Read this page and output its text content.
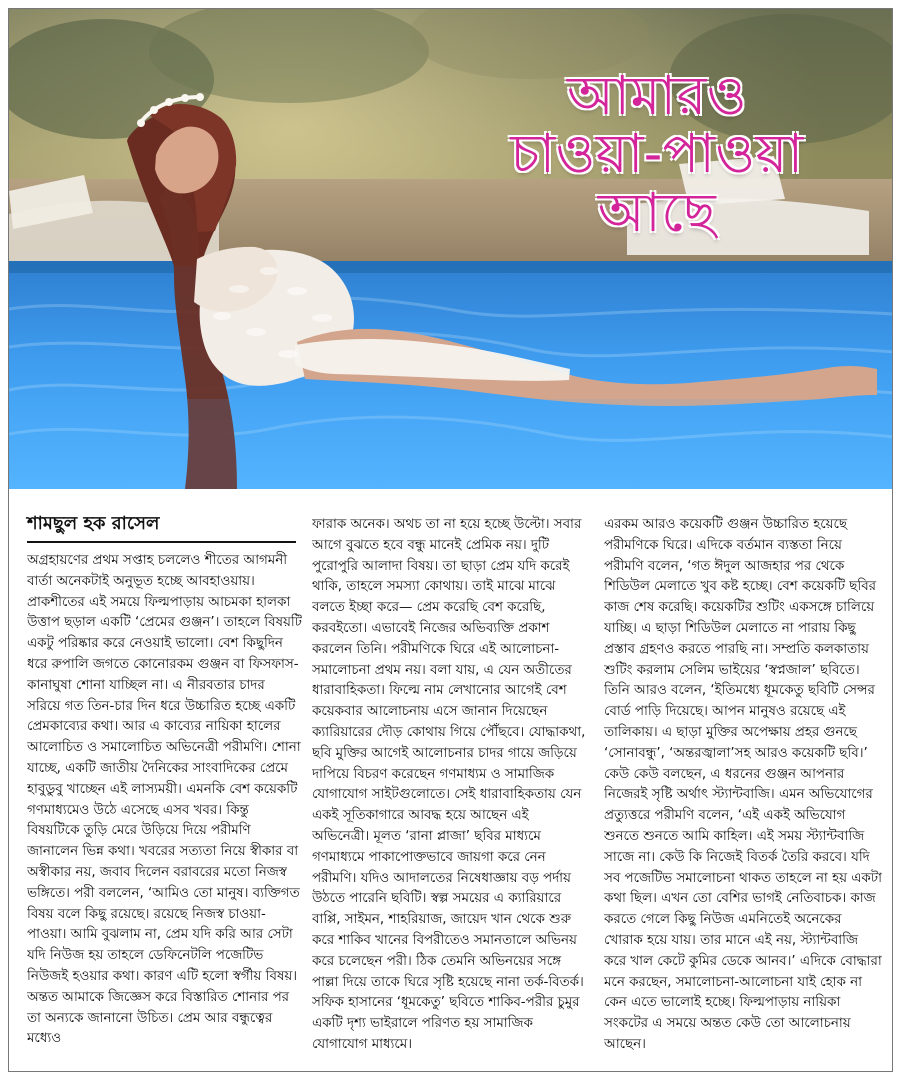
আমারও
চাওয়া-পাওয়া
আছে
শামছুল হক রাসেল

অগ্রহায়ণের প্রথম সপ্তাহ চললেও শীতের আগমনী বার্তা অনেকটাই অনুভূত হচ্ছে আবহাওয়ায়। প্রাকশীতের এই সময়ে ফিল্মপাড়ায় আচমকা হালকা উত্তাপ ছড়াল একটি ‘প্রেমের গুঞ্জন’। তাহলে বিষয়টি একটু পরিষ্কার করে নেওয়াই ভালো। বেশ কিছুদিন ধরে রুপালি জগতে কোনোরকম গুঞ্জন বা ফিসফাস-কানাঘুষা শোনা যাচ্ছিল না। এ নীরবতার চাদর সরিয়ে গত তিন-চার দিন ধরে উচ্চারিত হচ্ছে একটি প্রেমকাব্যের কথা। আর এ কাব্যের নায়িকা হালের আলোচিত ও সমালোচিত অভিনেত্রী পরীমণি। শোনা যাচ্ছে, একটি জাতীয় দৈনিকের সাংবাদিকের প্রেমে হাবুডুবু খাচ্ছেন এই লাস্যময়ী। এমনকি বেশ কয়েকটি গণমাধ্যমেও উঠে এসেছে এসব খবর। কিন্তু বিষয়টিকে তুড়ি মেরে উড়িয়ে দিয়ে পরীমণি জানালেন ভিন্ন কথা। খবরের সত্যতা নিয়ে স্বীকার বা অস্বীকার নয়, জবাব দিলেন বরাবরের মতো নিজস্ব ভঙ্গিতে। পরী বললেন, ‘আমিও তো মানুষ। ব্যক্তিগত বিষয় বলে কিছু রয়েছে। রয়েছে নিজস্ব চাওয়া-পাওয়া। আমি বুঝলাম না, প্রেম যদি করি আর সেটা যদি নিউজ হয় তাহলে ডেফিনেটলি পজেটিভ নিউজই হওয়ার কথা। কারণ এটি হলো স্বর্গীয় বিষয়। অন্তত আমাকে জিজ্ঞেস করে বিস্তারিত শোনার পর তা অন্যকে জানানো উচিত। প্রেম আর বন্ধুত্বের মধ্যেও

ফারাক অনেক। অথচ তা না হয়ে হচ্ছে উল্টো। সবার আগে বুঝতে হবে বন্ধু মানেই প্রেমিক নয়। দুটি পুরোপুরি আলাদা বিষয়। তা ছাড়া প্রেম যদি করেই থাকি, তাহলে সমস্যা কোথায়। তাই মাঝে মাঝে বলতে ইচ্ছা করে— প্রেম করেছি বেশ করেছি, করবইতো। এভাবেই নিজের অভিব্যক্তি প্রকাশ করলেন তিনি। পরীমণিকে ঘিরে এই আলোচনা-সমালোচনা প্রথম নয়। বলা যায়, এ যেন অতীতের ধারাবাহিকতা। ফিল্মে নাম লেখানোর আগেই বেশ কয়েকবার আলোচনায় এসে জানান দিয়েছেন ক্যারিয়ারের দৌড় কোথায় গিয়ে পৌঁছবে। যোদ্ধাকথা, ছবি মুক্তির আগেই আলোচনার চাদর গায়ে জড়িয়ে দাপিয়ে বিচরণ করেছেন গণমাধ্যম ও সামাজিক যোগাযোগ সাইটগুলোতে। সেই ধারাবাহিকতায় যেন একই সূতিকাগারে আবদ্ধ হয়ে আছেন এই অভিনেত্রী। মূলত ‘রানা প্লাজা’ ছবির মাধ্যমে গণমাধ্যমে পাকাপোক্তভাবে জায়গা করে নেন পরীমণি। যদিও আদালতের নিষেধাজ্ঞায় বড় পর্দায় উঠতে পারেনি ছবিটি। স্বল্প সময়ের এ ক্যারিয়ারে বাপ্পি, সাইমন, শাহরিয়াজ, জায়েদ খান থেকে শুরু করে শাকিব খানের বিপরীতেও সমানতালে অভিনয় করে চলেছেন পরী। ঠিক তেমনি অভিনয়ের সঙ্গে পাল্লা দিয়ে তাকে ঘিরে সৃষ্টি হয়েছে নানা তর্ক-বিতর্ক। সফিক হাসানের ‘ধূমকেতু’ ছবিতে শাকিব-পরীর চুমুর একটি দৃশ্য ভাইরালে পরিণত হয় সামাজিক যোগাযোগ মাধ্যমে।

এরকম আরও কয়েকটি গুঞ্জন উচ্চারিত হয়েছে পরীমণিকে ঘিরে। এদিকে বর্তমান ব্যস্ততা নিয়ে পরীমণি বলেন, ‘গত ঈদুল আজহার পর থেকে শিডিউল মেলাতে খুব কষ্ট হচ্ছে। বেশ কয়েকটি ছবির কাজ শেষ করেছি। কয়েকটির শুটিং একসঙ্গে চালিয়ে যাচ্ছি। এ ছাড়া শিডিউল মেলাতে না পারায় কিছু প্রস্তাব গ্রহণও করতে পারছি না। সম্প্রতি কলকাতায় শুটিং করলাম সেলিম ভাইয়ের ‘স্বপ্নজাল’ ছবিতে। তিনি আরও বলেন, ‘ইতিমধ্যে ধূমকেতু ছবিটি সেন্সর বোর্ড পাড়ি দিয়েছে। আপন মানুষও রয়েছে এই তালিকায়। এ ছাড়া মুক্তির অপেক্ষায় প্রহর গুনছে ‘সোনাবন্ধু’, ‘অন্তরজ্বালা’সহ আরও কয়েকটি ছবি।’ কেউ কেউ বলছেন, এ ধরনের গুঞ্জন আপনার নিজেরই সৃষ্টি অর্থাৎ স্ট্যান্টবাজি। এমন অভিযোগের প্রত্যুত্তরে পরীমণি বলেন, ‘এই একই অভিযোগ শুনতে শুনতে আমি কাহিল। এই সময় স্ট্যান্টবাজি সাজে না। কেউ কি নিজেই বিতর্ক তৈরি করবে। যদি সব পজেটিভ সমালোচনা থাকত তাহলে না হয় একটা কথা ছিল। এখন তো বেশির ভাগই নেতিবাচক। কাজ করতে গেলে কিছু নিউজ এমনিতেই অনেকের খোরাক হয়ে যায়। তার মানে এই নয়, স্ট্যান্টবাজি করে খাল কেটে কুমির ডেকে আনব।’ এদিকে বোদ্ধারা মনে করছেন, সমালোচনা-আলোচনা যাই হোক না কেন এতে ভালোই হচ্ছে। ফিল্মপাড়ায় নায়িকা সংকটের এ সময়ে অন্তত কেউ তো আলোচনায় আছেন।
